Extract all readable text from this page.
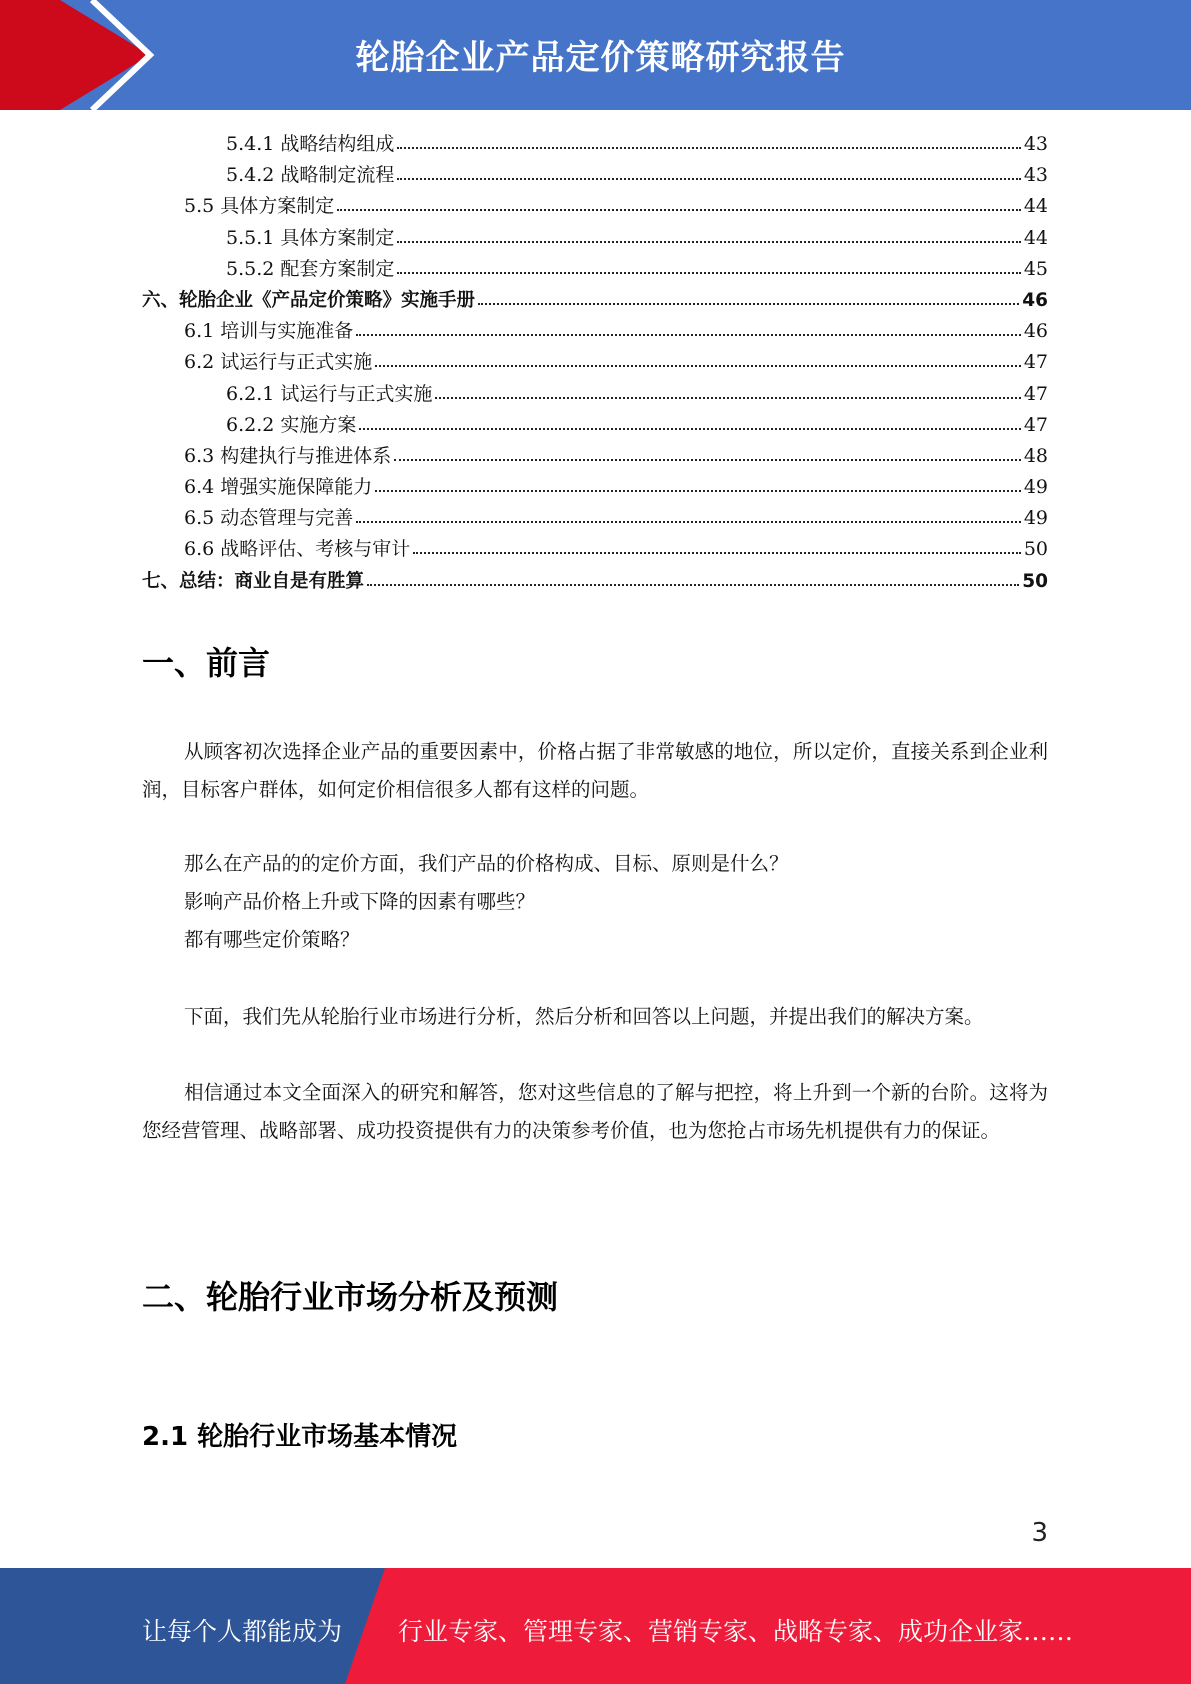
轮胎企业产品定价策略研究报告
5.4.1 战略结构组成	43
5.4.2 战略制定流程	43
5.5 具体方案制定	44
5.5.1 具体方案制定	44
5.5.2 配套方案制定	45
六、轮胎企业《产品定价策略》实施手册	46
6.1 培训与实施准备	46
6.2 试运行与正式实施	47
6.2.1 试运行与正式实施	47
6.2.2 实施方案	47
6.3 构建执行与推进体系	48
6.4 增强实施保障能力	49
6.5 动态管理与完善	49
6.6 战略评估、考核与审计	50
七、总结：商业自是有胜算	50
一、前言
从顾客初次选择企业产品的重要因素中，价格占据了非常敏感的地位，所以定价，直接关系到企业利润，目标客户群体，如何定价相信很多人都有这样的问题。
那么在产品的的定价方面，我们产品的价格构成、目标、原则是什么？
影响产品价格上升或下降的因素有哪些？
都有哪些定价策略？
下面，我们先从轮胎行业市场进行分析，然后分析和回答以上问题，并提出我们的解决方案。
相信通过本文全面深入的研究和解答，您对这些信息的了解与把控，将上升到一个新的台阶。这将为您经营管理、战略部署、成功投资提供有力的决策参考价值，也为您抢占市场先机提供有力的保证。
二、轮胎行业市场分析及预测
2.1 轮胎行业市场基本情况
3
让每个人都能成为 行业专家、管理专家、营销专家、战略专家、成功企业家……
